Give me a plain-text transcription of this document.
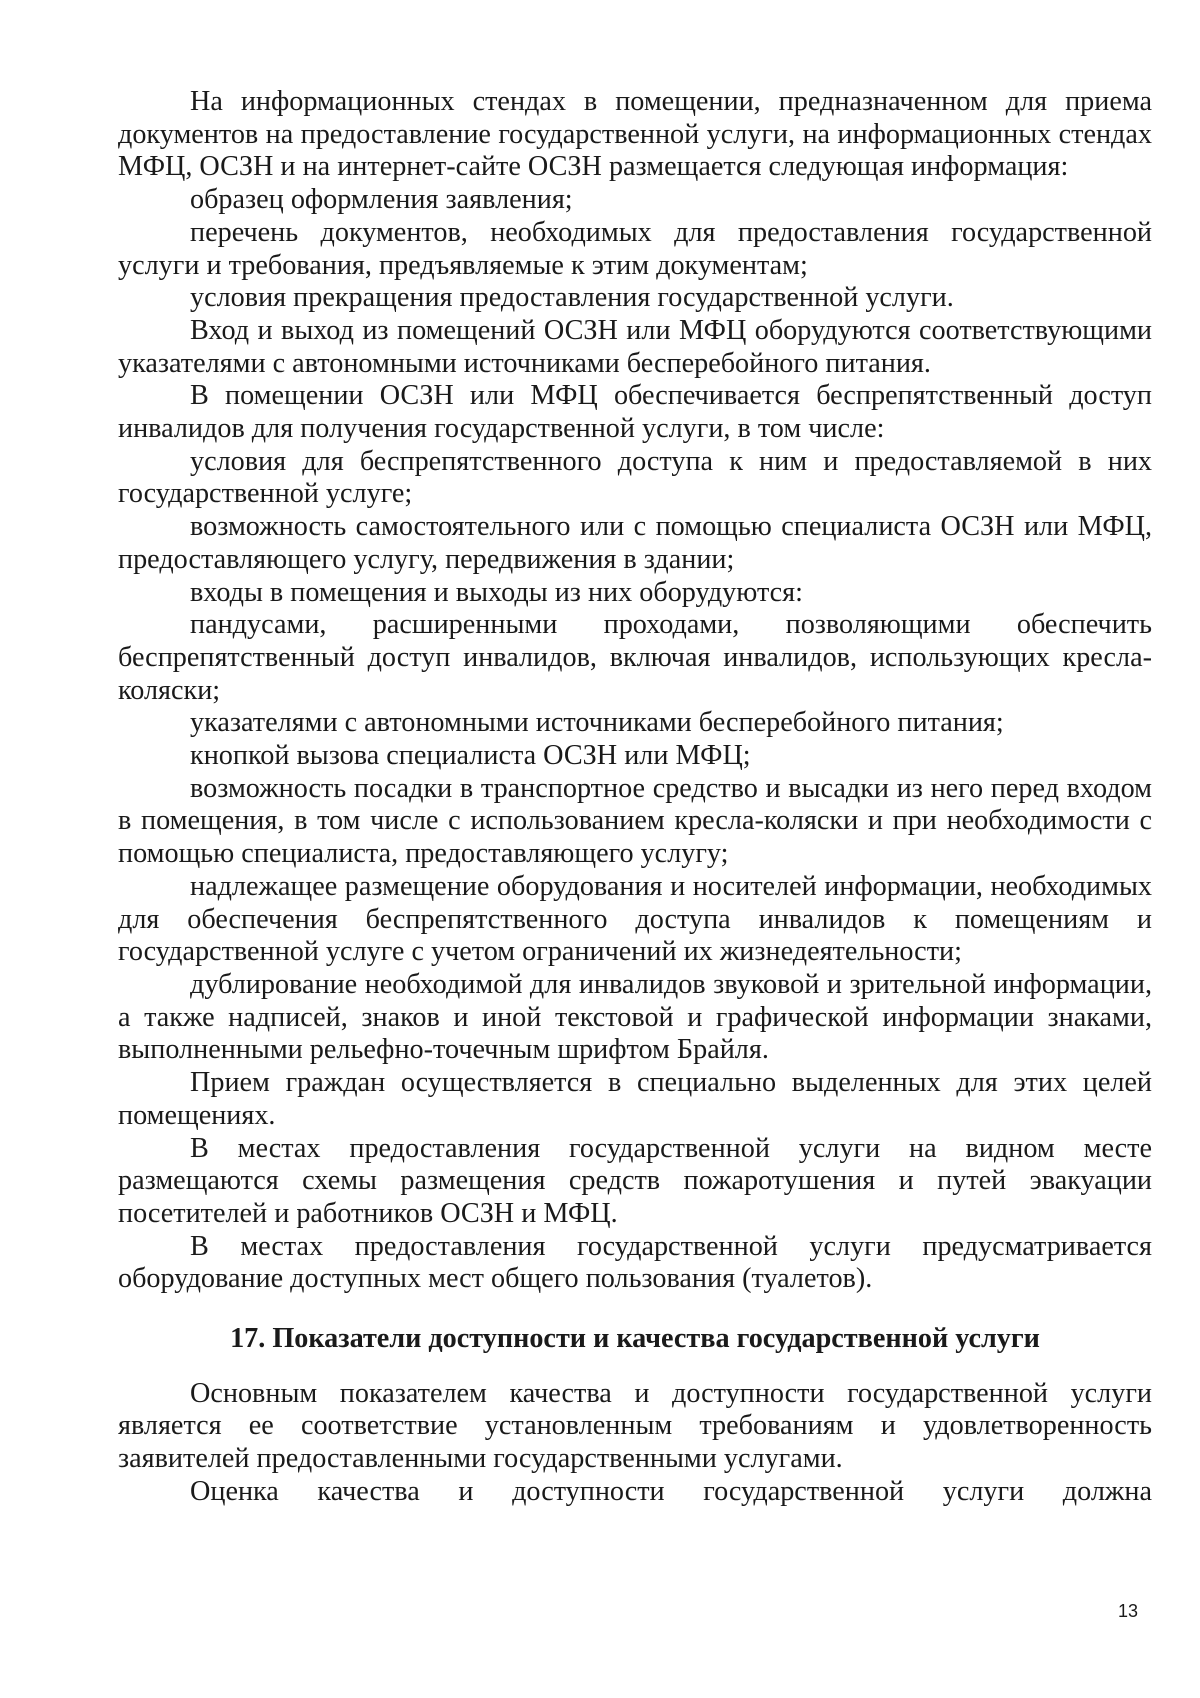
На информационных стендах в помещении, предназначенном для приема документов на предоставление государственной услуги, на информационных стендах МФЦ, ОСЗН и на интернет-сайте ОСЗН размещается следующая информация:

образец оформления заявления;

перечень документов, необходимых для предоставления государственной услуги и требования, предъявляемые к этим документам;

условия прекращения предоставления государственной услуги.

Вход и выход из помещений ОСЗН или МФЦ оборудуются соответствующими указателями с автономными источниками бесперебойного питания.

В помещении ОСЗН или МФЦ обеспечивается беспрепятственный доступ инвалидов для получения государственной услуги, в том числе:

условия для беспрепятственного доступа к ним и предоставляемой в них государственной услуге;

возможность самостоятельного или с помощью специалиста ОСЗН или МФЦ, предоставляющего услугу, передвижения в здании;

входы в помещения и выходы из них оборудуются:

пандусами, расширенными проходами, позволяющими обеспечить беспрепятственный доступ инвалидов, включая инвалидов, использующих кресла-коляски;

указателями с автономными источниками бесперебойного питания;

кнопкой вызова специалиста ОСЗН или МФЦ;

возможность посадки в транспортное средство и высадки из него перед входом в помещения, в том числе с использованием кресла-коляски и при необходимости с помощью специалиста, предоставляющего услугу;

надлежащее размещение оборудования и носителей информации, необходимых для обеспечения беспрепятственного доступа инвалидов к помещениям и государственной услуге с учетом ограничений их жизнедеятельности;

дублирование необходимой для инвалидов звуковой и зрительной информации, а также надписей, знаков и иной текстовой и графической информации знаками, выполненными рельефно-точечным шрифтом Брайля.

Прием граждан осуществляется в специально выделенных для этих целей помещениях.

В местах предоставления государственной услуги на видном месте размещаются схемы размещения средств пожаротушения и путей эвакуации посетителей и работников ОСЗН и МФЦ.

В местах предоставления государственной услуги предусматривается оборудование доступных мест общего пользования (туалетов).

17. Показатели доступности и качества государственной услуги

Основным показателем качества и доступности государственной услуги является ее соответствие установленным требованиям и удовлетворенность заявителей предоставленными государственными услугами.

Оценка качества и доступности государственной услуги должна

13
